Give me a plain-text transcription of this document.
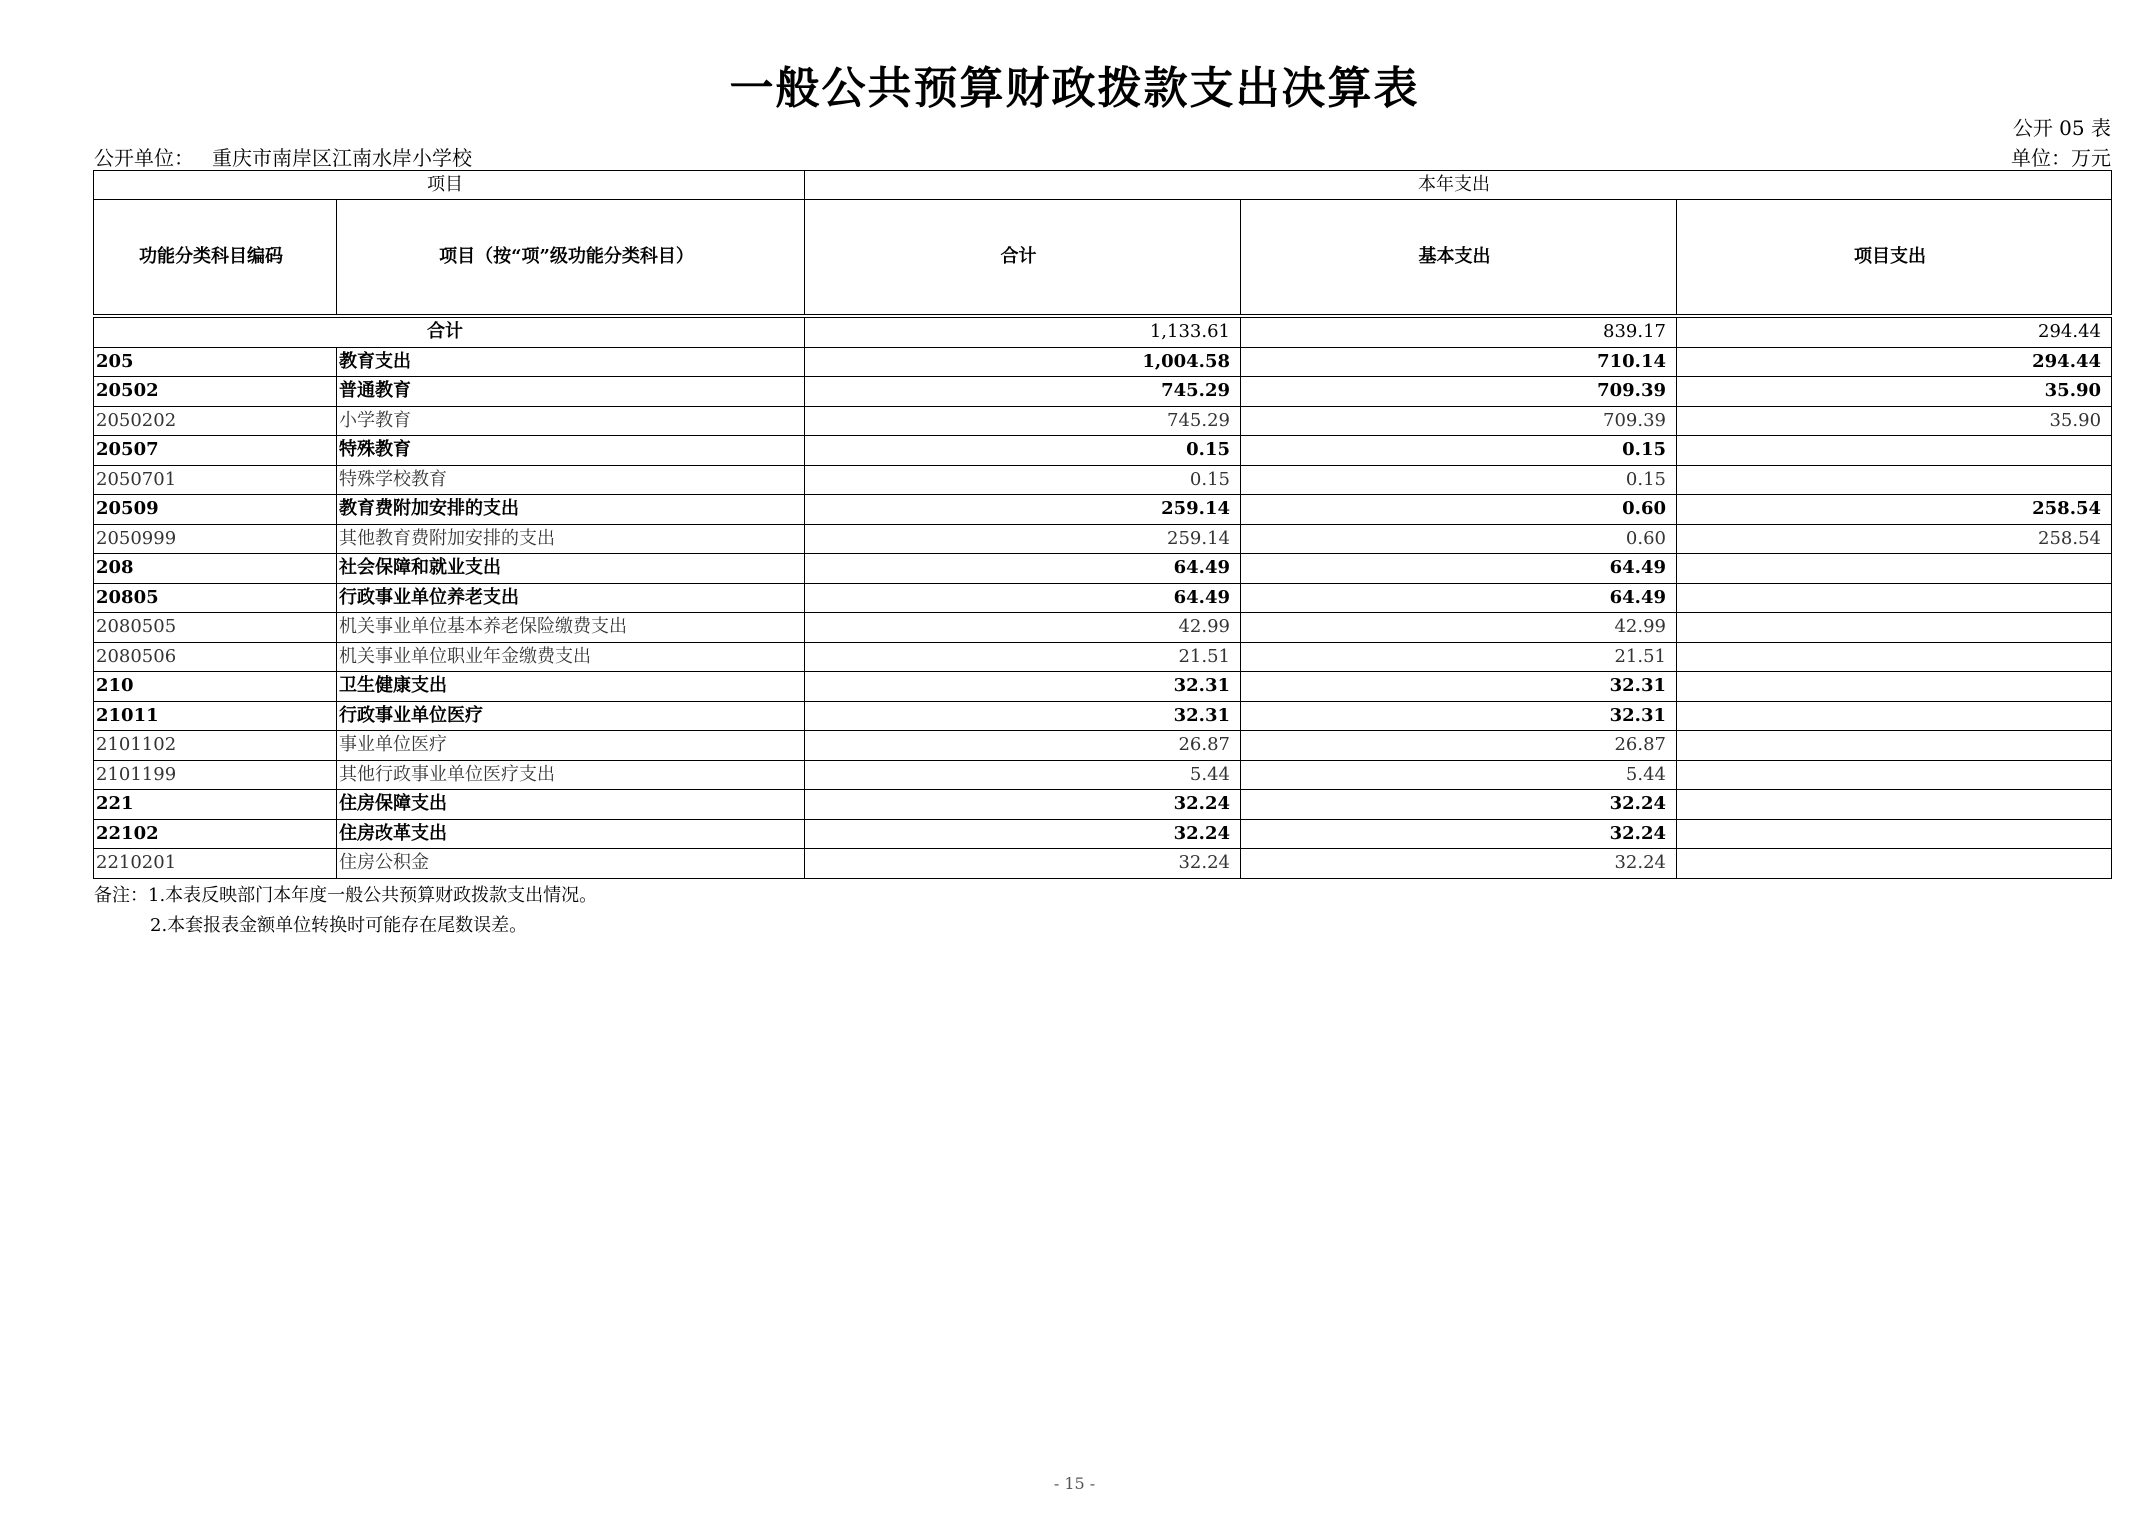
一般公共预算财政拨款支出决算表
公开 05 表
公开单位： 重庆市南岸区江南水岸小学校	单位：万元
项目		本年支出		
功能分类科目编码	项目（按“项”级功能分类科目）	合计	基本支出	项目支出

合计		1,133.61	839.17	294.44
205	教育支出	1,004.58	710.14	294.44
20502	普通教育	745.29	709.39	35.90
2050202	小学教育	745.29	709.39	35.90
20507	特殊教育	0.15	0.15	
2050701	特殊学校教育	0.15	0.15	
20509	教育费附加安排的支出	259.14	0.60	258.54
2050999	其他教育费附加安排的支出	259.14	0.60	258.54
208	社会保障和就业支出	64.49	64.49	
20805	行政事业单位养老支出	64.49	64.49	
2080505	机关事业单位基本养老保险缴费支出	42.99	42.99	
2080506	机关事业单位职业年金缴费支出	21.51	21.51	
210	卫生健康支出	32.31	32.31	
21011	行政事业单位医疗	32.31	32.31	
2101102	事业单位医疗	26.87	26.87	
2101199	其他行政事业单位医疗支出	5.44	5.44	
221	住房保障支出	32.24	32.24	
22102	住房改革支出	32.24	32.24	
2210201	住房公积金	32.24	32.24	
备注：1.本表反映部门本年度一般公共预算财政拨款支出情况。
2.本套报表金额单位转换时可能存在尾数误差。
- 15 -
